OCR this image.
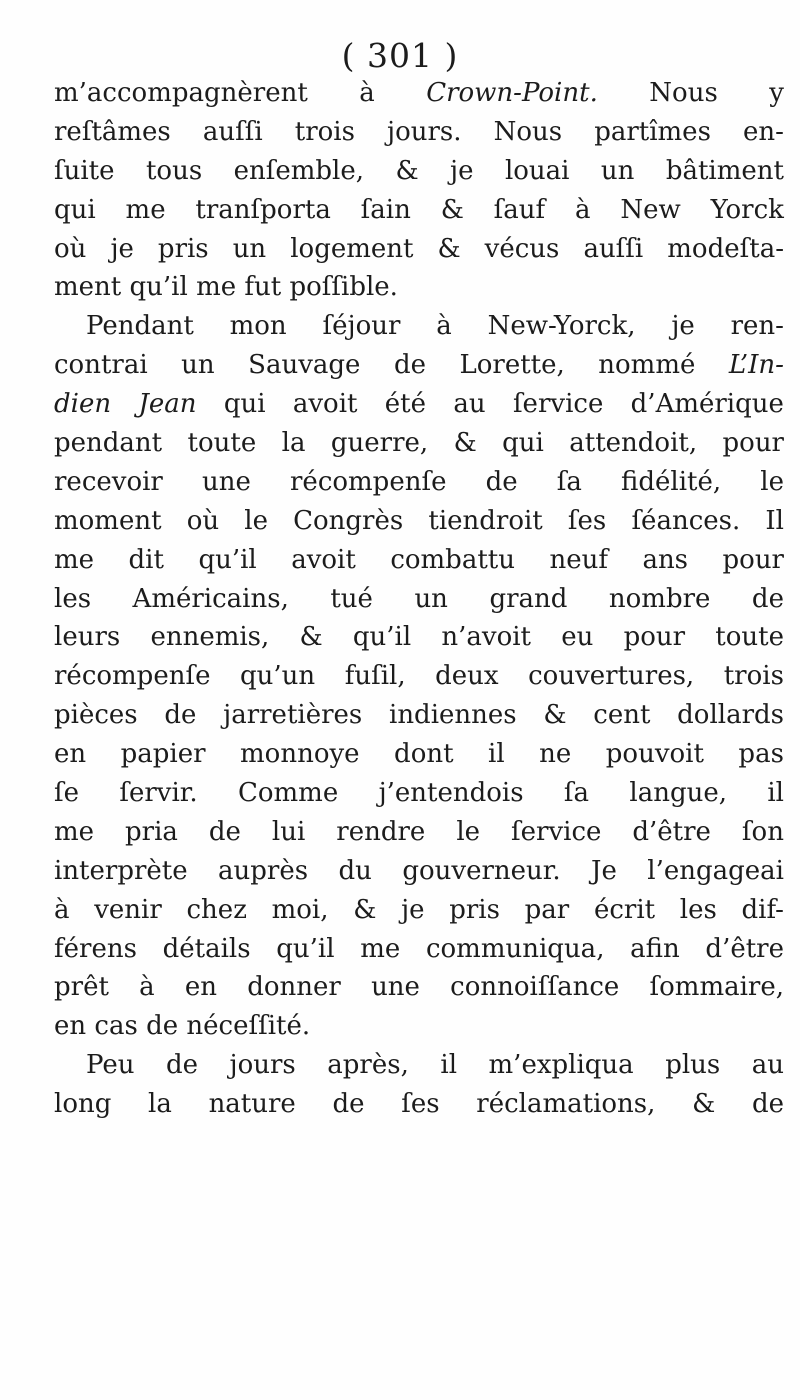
( 301 )
m’accompagnèrent à Crown-Point. Nous y
reſtâmes auſſi trois jours. Nous partîmes en-
ſuite tous enſemble, & je louai un bâtiment
qui me tranſporta ſain & ſauf à New Yorck
où je pris un logement & vécus auſſi modeſta-
ment
qu’il
me
fut
poſſible.
Pendant mon ſéjour à New-Yorck, je ren-
contrai un Sauvage de Lorette, nommé L’In-
dien Jean qui avoit été au ſervice d’Amérique
pendant toute la guerre, & qui attendoit, pour
recevoir une récompenſe de ſa fidélité, le
moment où le Congrès tiendroit ſes ſéances. Il
me dit qu’il avoit combattu neuf ans pour
les Américains, tué un grand nombre de
leurs ennemis, & qu’il n’avoit eu pour toute
récompenſe qu’un fuſil, deux couvertures, trois
pièces de jarretières indiennes & cent dollards
en papier monnoye dont il ne pouvoit pas
ſe ſervir. Comme j’entendois ſa langue, il
me pria de lui rendre le ſervice d’être ſon
interprète auprès du gouverneur. Je l’engageai
à venir chez moi, & je pris par écrit les dif-
férens détails qu’il me communiqua, afin d’être
prêt à en donner une connoiſſance ſommaire,
en
cas
de
néceſſité.
Peu de jours après, il m’expliqua plus au
long la nature de ſes réclamations, & de
